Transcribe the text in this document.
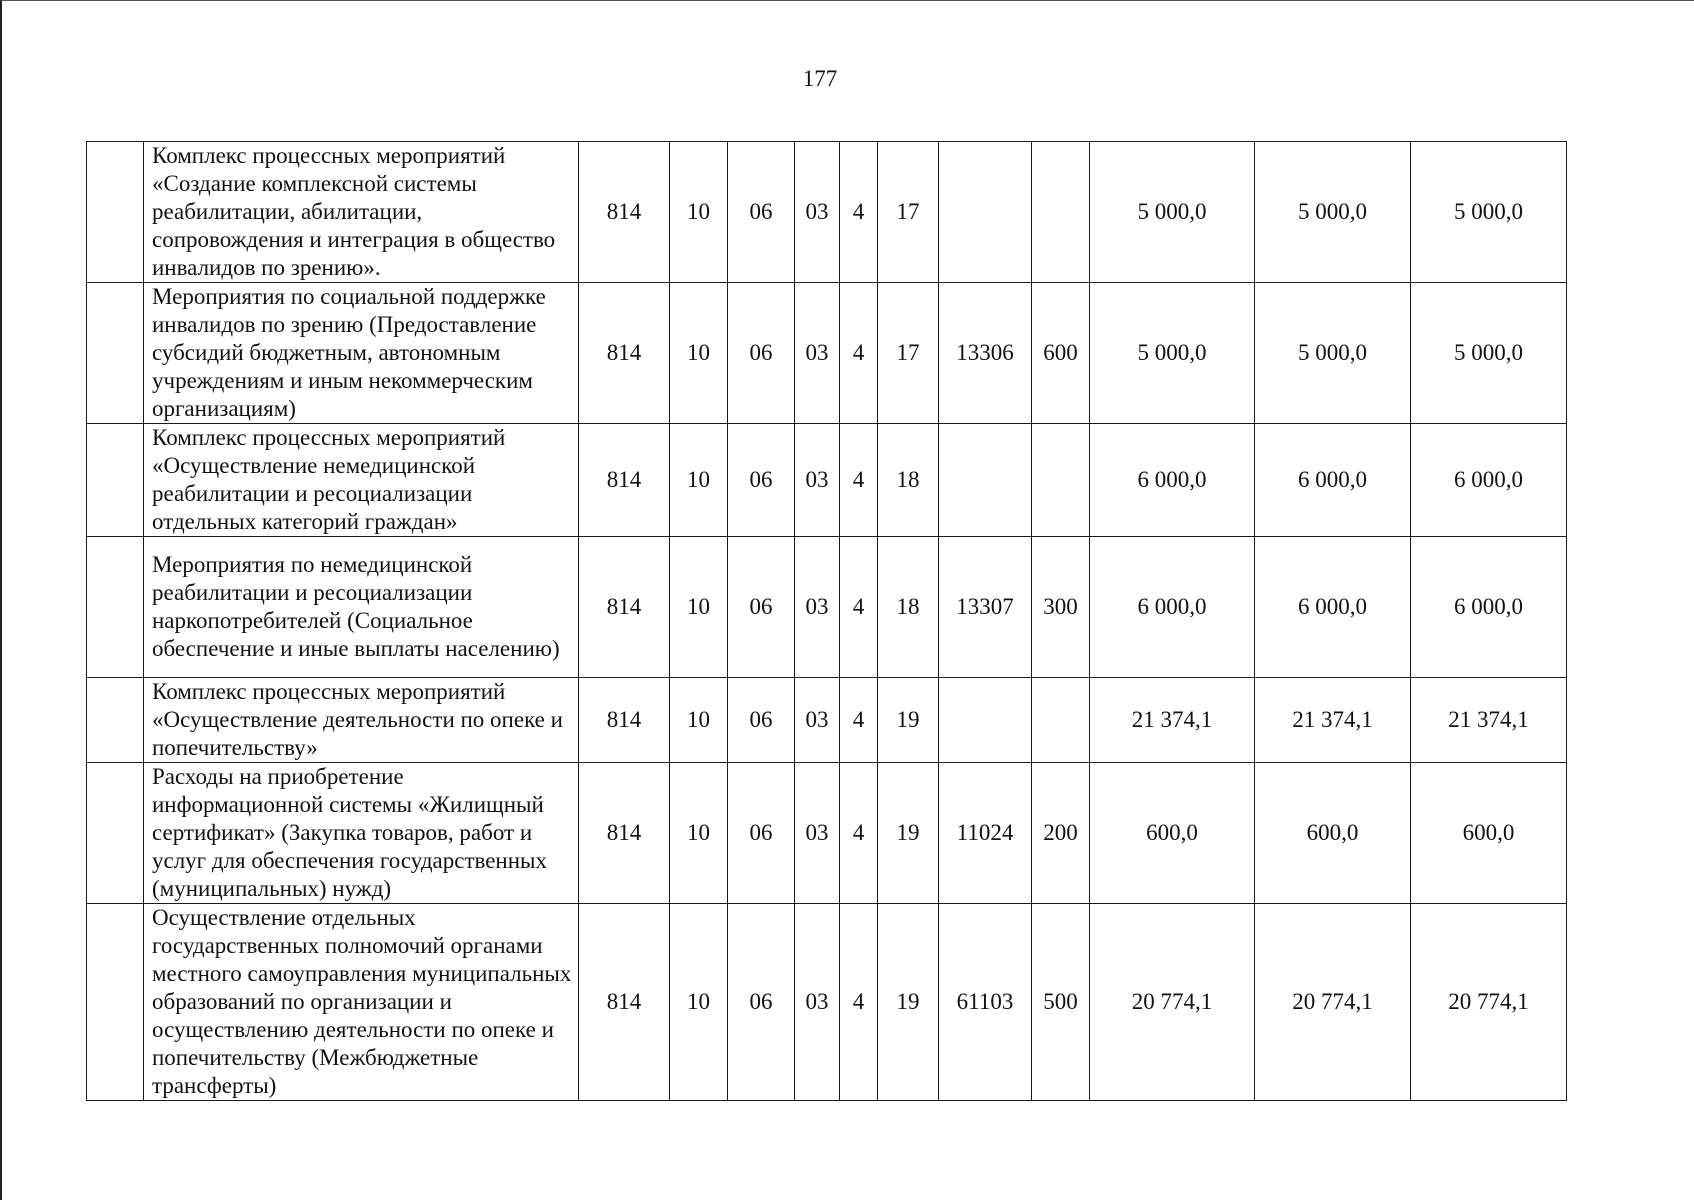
177
	Комплекс процессных мероприятий «Создание комплексной системы реабилитации, абилитации, сопровождения и интеграция в общество инвалидов по зрению».	814	10	06	03	4	17			5 000,0	5 000,0	5 000,0
	Мероприятия по социальной поддержке инвалидов по зрению (Предоставление субсидий бюджетным, автономным учреждениям и иным некоммерческим организациям)	814	10	06	03	4	17	13306	600	5 000,0	5 000,0	5 000,0
	Комплекс процессных мероприятий «Осуществление немедицинской реабилитации и ресоциализации отдельных категорий граждан»	814	10	06	03	4	18			6 000,0	6 000,0	6 000,0
	Мероприятия по немедицинской реабилитации и ресоциализации наркопотребителей (Социальное обеспечение и иные выплаты населению)	814	10	06	03	4	18	13307	300	6 000,0	6 000,0	6 000,0
	Комплекс процессных мероприятий «Осуществление деятельности по опеке и попечительству»	814	10	06	03	4	19			21 374,1	21 374,1	21 374,1
	Расходы на приобретение информационной системы «Жилищный сертификат» (Закупка товаров, работ и услуг для обеспечения государственных (муниципальных) нужд)	814	10	06	03	4	19	11024	200	600,0	600,0	600,0
	Осуществление отдельных государственных полномочий органами местного самоуправления муниципальных образований по организации и осуществлению деятельности по опеке и попечительству (Межбюджетные трансферты)	814	10	06	03	4	19	61103	500	20 774,1	20 774,1	20 774,1
